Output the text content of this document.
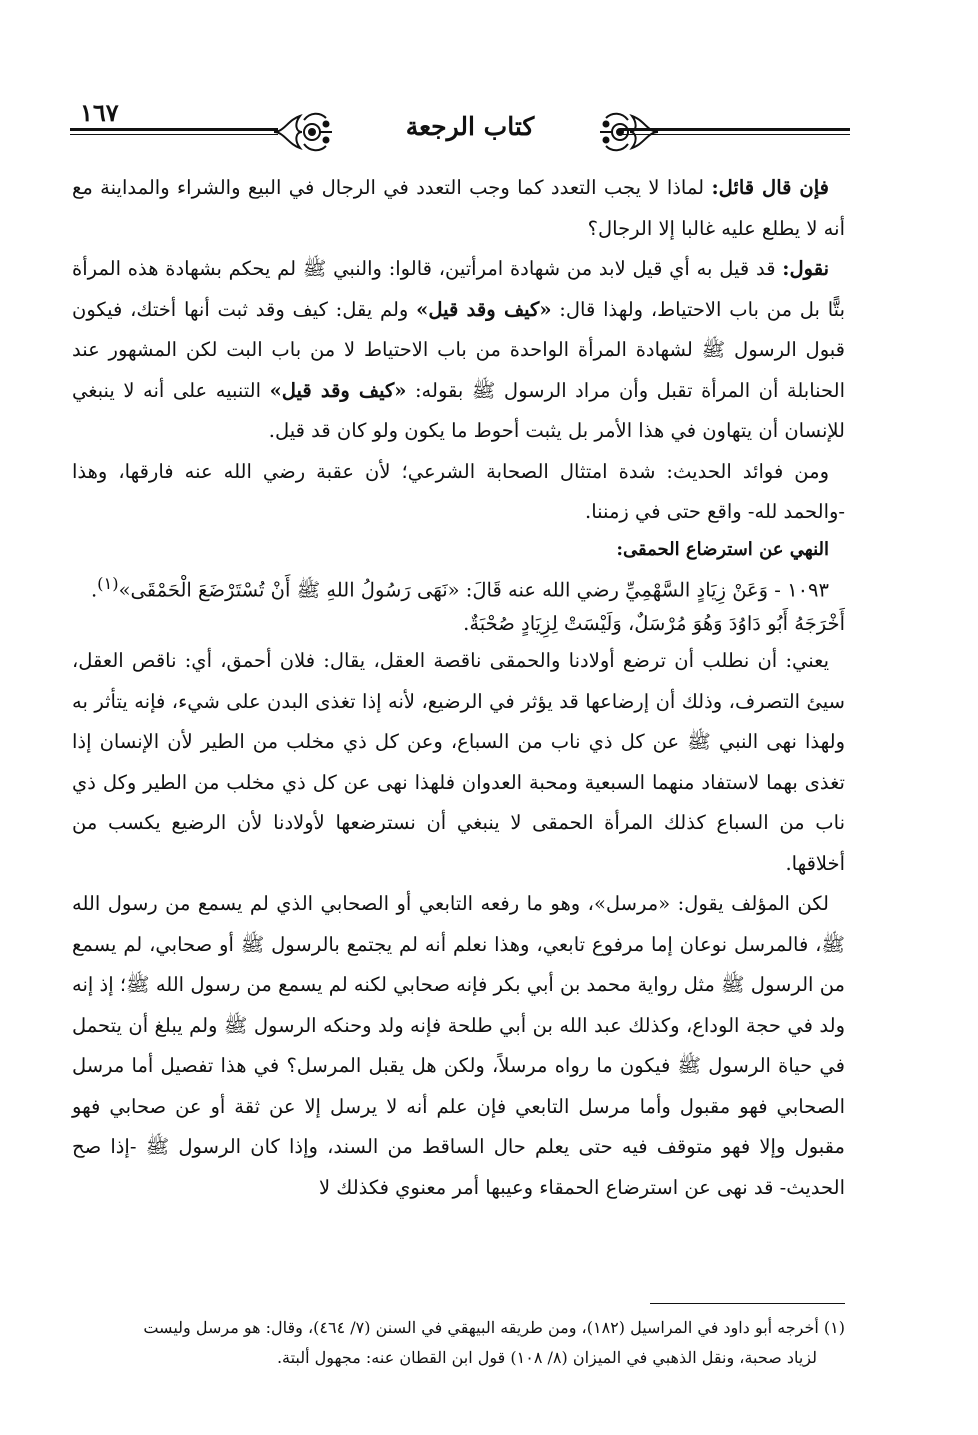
١٦٧	كتاب الرجعة

فإن قال قائل: لماذا لا يجب التعدد كما وجب التعدد في الرجال في البيع والشراء والمداينة مع أنه لا يطلع عليه غالبا إلا الرجال؟

نقول: قد قيل به أي قيل لابد من شهادة امرأتين، قالوا: والنبي ﷺ لم يحكم بشهادة هذه المرأة بتًّا بل من باب الاحتياط، ولهذا قال: «كيف وقد قيل» ولم يقل: كيف وقد ثبت أنها أختك، فيكون قبول الرسول ﷺ لشهادة المرأة الواحدة من باب الاحتياط لا من باب البت لكن المشهور عند الحنابلة أن المرأة تقبل وأن مراد الرسول ﷺ بقوله: «كيف وقد قيل» التنبيه على أنه لا ينبغي للإنسان أن يتهاون في هذا الأمر بل يثبت أحوط ما يكون ولو كان قد قيل.

ومن فوائد الحديث: شدة امتثال الصحابة الشرعي؛ لأن عقبة رضي الله عنه فارقها، وهذا -والحمد لله- واقع حتى في زمننا.

النهي عن استرضاع الحمقى:

١٠٩٣ - وَعَنْ زِيَادٍ السَّهْمِيِّ رضي الله عنه قَالَ: «نَهَى رَسُولُ اللهِ ﷺ أَنْ تُسْتَرْضَعَ الْحَمْقَى»$^{(١)}$.

أَخْرَجَهُ أَبُو دَاوُدَ وَهُوَ مُرْسَلٌ، وَلَيْسَتْ لِزِيَادٍ صُحْبَةٌ.

يعني: أن نطلب أن ترضع أولادنا والحمقى ناقصة العقل، يقال: فلان أحمق، أي: ناقص العقل، سيئ التصرف، وذلك أن إرضاعها قد يؤثر في الرضيع، لأنه إذا تغذى البدن على شيء، فإنه يتأثر به ولهذا نهى النبي ﷺ عن كل ذي ناب من السباع، وعن كل ذي مخلب من الطير لأن الإنسان إذا تغذى بهما لاستفاد منهما السبعية ومحبة العدوان فلهذا نهى عن كل ذي مخلب من الطير وكل ذي ناب من السباع كذلك المرأة الحمقى لا ينبغي أن نسترضعها لأولادنا لأن الرضيع يكسب من أخلاقها.

لكن المؤلف يقول: «مرسل»، وهو ما رفعه التابعي أو الصحابي الذي لم يسمع من رسول الله ﷺ، فالمرسل نوعان إما مرفوع تابعي، وهذا نعلم أنه لم يجتمع بالرسول ﷺ أو صحابي، لم يسمع من الرسول ﷺ مثل رواية محمد بن أبي بكر فإنه صحابي لكنه لم يسمع من رسول الله ﷺ؛ إذ إنه ولد في حجة الوداع، وكذلك عبد الله بن أبي طلحة فإنه ولد وحنكه الرسول ﷺ ولم يبلغ أن يتحمل في حياة الرسول ﷺ فيكون ما رواه مرسلاً، ولكن هل يقبل المرسل؟ في هذا تفصيل أما مرسل الصحابي فهو مقبول وأما مرسل التابعي فإن علم أنه لا يرسل إلا عن ثقة أو عن صحابي فهو مقبول وإلا فهو متوقف فيه حتى يعلم حال الساقط من السند، وإذا كان الرسول ﷺ -إذا صح الحديث- قد نهى عن استرضاع الحمقاء وعيبها أمر معنوي فكذلك لا

(١) أخرجه أبو داود في المراسيل (١٨٢)، ومن طريقه البيهقي في السنن (٧/ ٤٦٤)، وقال: هو مرسل وليست

لزياد صحبة، ونقل الذهبي في الميزان (٨/ ١٠٨) قول ابن القطان عنه: مجهول ألبتة.
